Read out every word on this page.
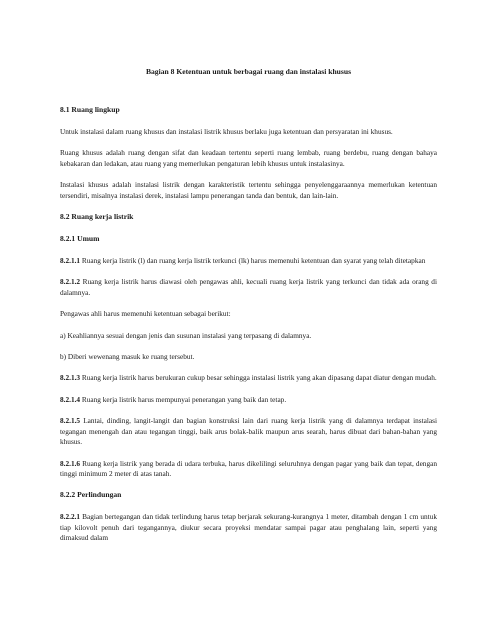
Bagian 8 Ketentuan untuk berbagai ruang dan instalasi khusus
8.1 Ruang lingkup

Untuk instalasi dalam ruang khusus dan instalasi listrik khusus berlaku juga ketentuan dan persyaratan ini khusus.

Ruang khusus adalah ruang dengan sifat dan keadaan tertentu seperti ruang lembab, ruang berdebu, ruang dengan bahaya kebakaran dan ledakan, atau ruang yang memerlukan pengaturan lebih khusus untuk instalasinya.

Instalasi khusus adalah instalasi listrik dengan karakteristik tertentu sehingga penyelenggaraannya memerlukan ketentuan tersendiri, misalnya instalasi derek, instalasi lampu penerangan tanda dan bentuk, dan lain-lain.

8.2 Ruang kerja listrik
8.2.1 Umum

8.2.1.1 Ruang kerja listrik (l) dan ruang kerja listrik terkunci (lk) harus memenuhi ketentuan dan syarat yang telah ditetapkan

8.2.1.2 Ruang kerja listrik harus diawasi oleh pengawas ahli, kecuali ruang kerja listrik yang terkunci dan tidak ada orang di dalamnya.

Pengawas ahli harus memenuhi ketentuan sebagai berikut:

a) Keahliannya sesuai dengan jenis dan susunan instalasi yang terpasang di dalamnya.

b) Diberi wewenang masuk ke ruang tersebut.

8.2.1.3 Ruang kerja listrik harus berukuran cukup besar sehingga instalasi listrik yang akan dipasang dapat diatur dengan mudah.

8.2.1.4 Ruang kerja listrik harus mempunyai penerangan yang baik dan tetap.

8.2.1.5 Lantai, dinding, langit-langit dan bagian konstruksi lain dari ruang kerja listrik yang di dalamnya terdapat instalasi tegangan menengah dan atau tegangan tinggi, baik arus bolak-balik maupun arus searah, harus dibuat dari bahan-bahan yang khusus.

8.2.1.6 Ruang kerja listrik yang berada di udara terbuka, harus dikelilingi seluruhnya dengan pagar yang baik dan tepat, dengan tinggi minimum 2 meter di atas tanah.

8.2.2 Perlindungan

8.2.2.1 Bagian bertegangan dan tidak terlindung harus tetap berjarak sekurang-kurangnya 1 meter, ditambah dengan 1 cm untuk tiap kilovolt penuh dari tegangannya, diukur secara proyeksi mendatar sampai pagar atau penghalang lain, seperti yang dimaksud dalam
